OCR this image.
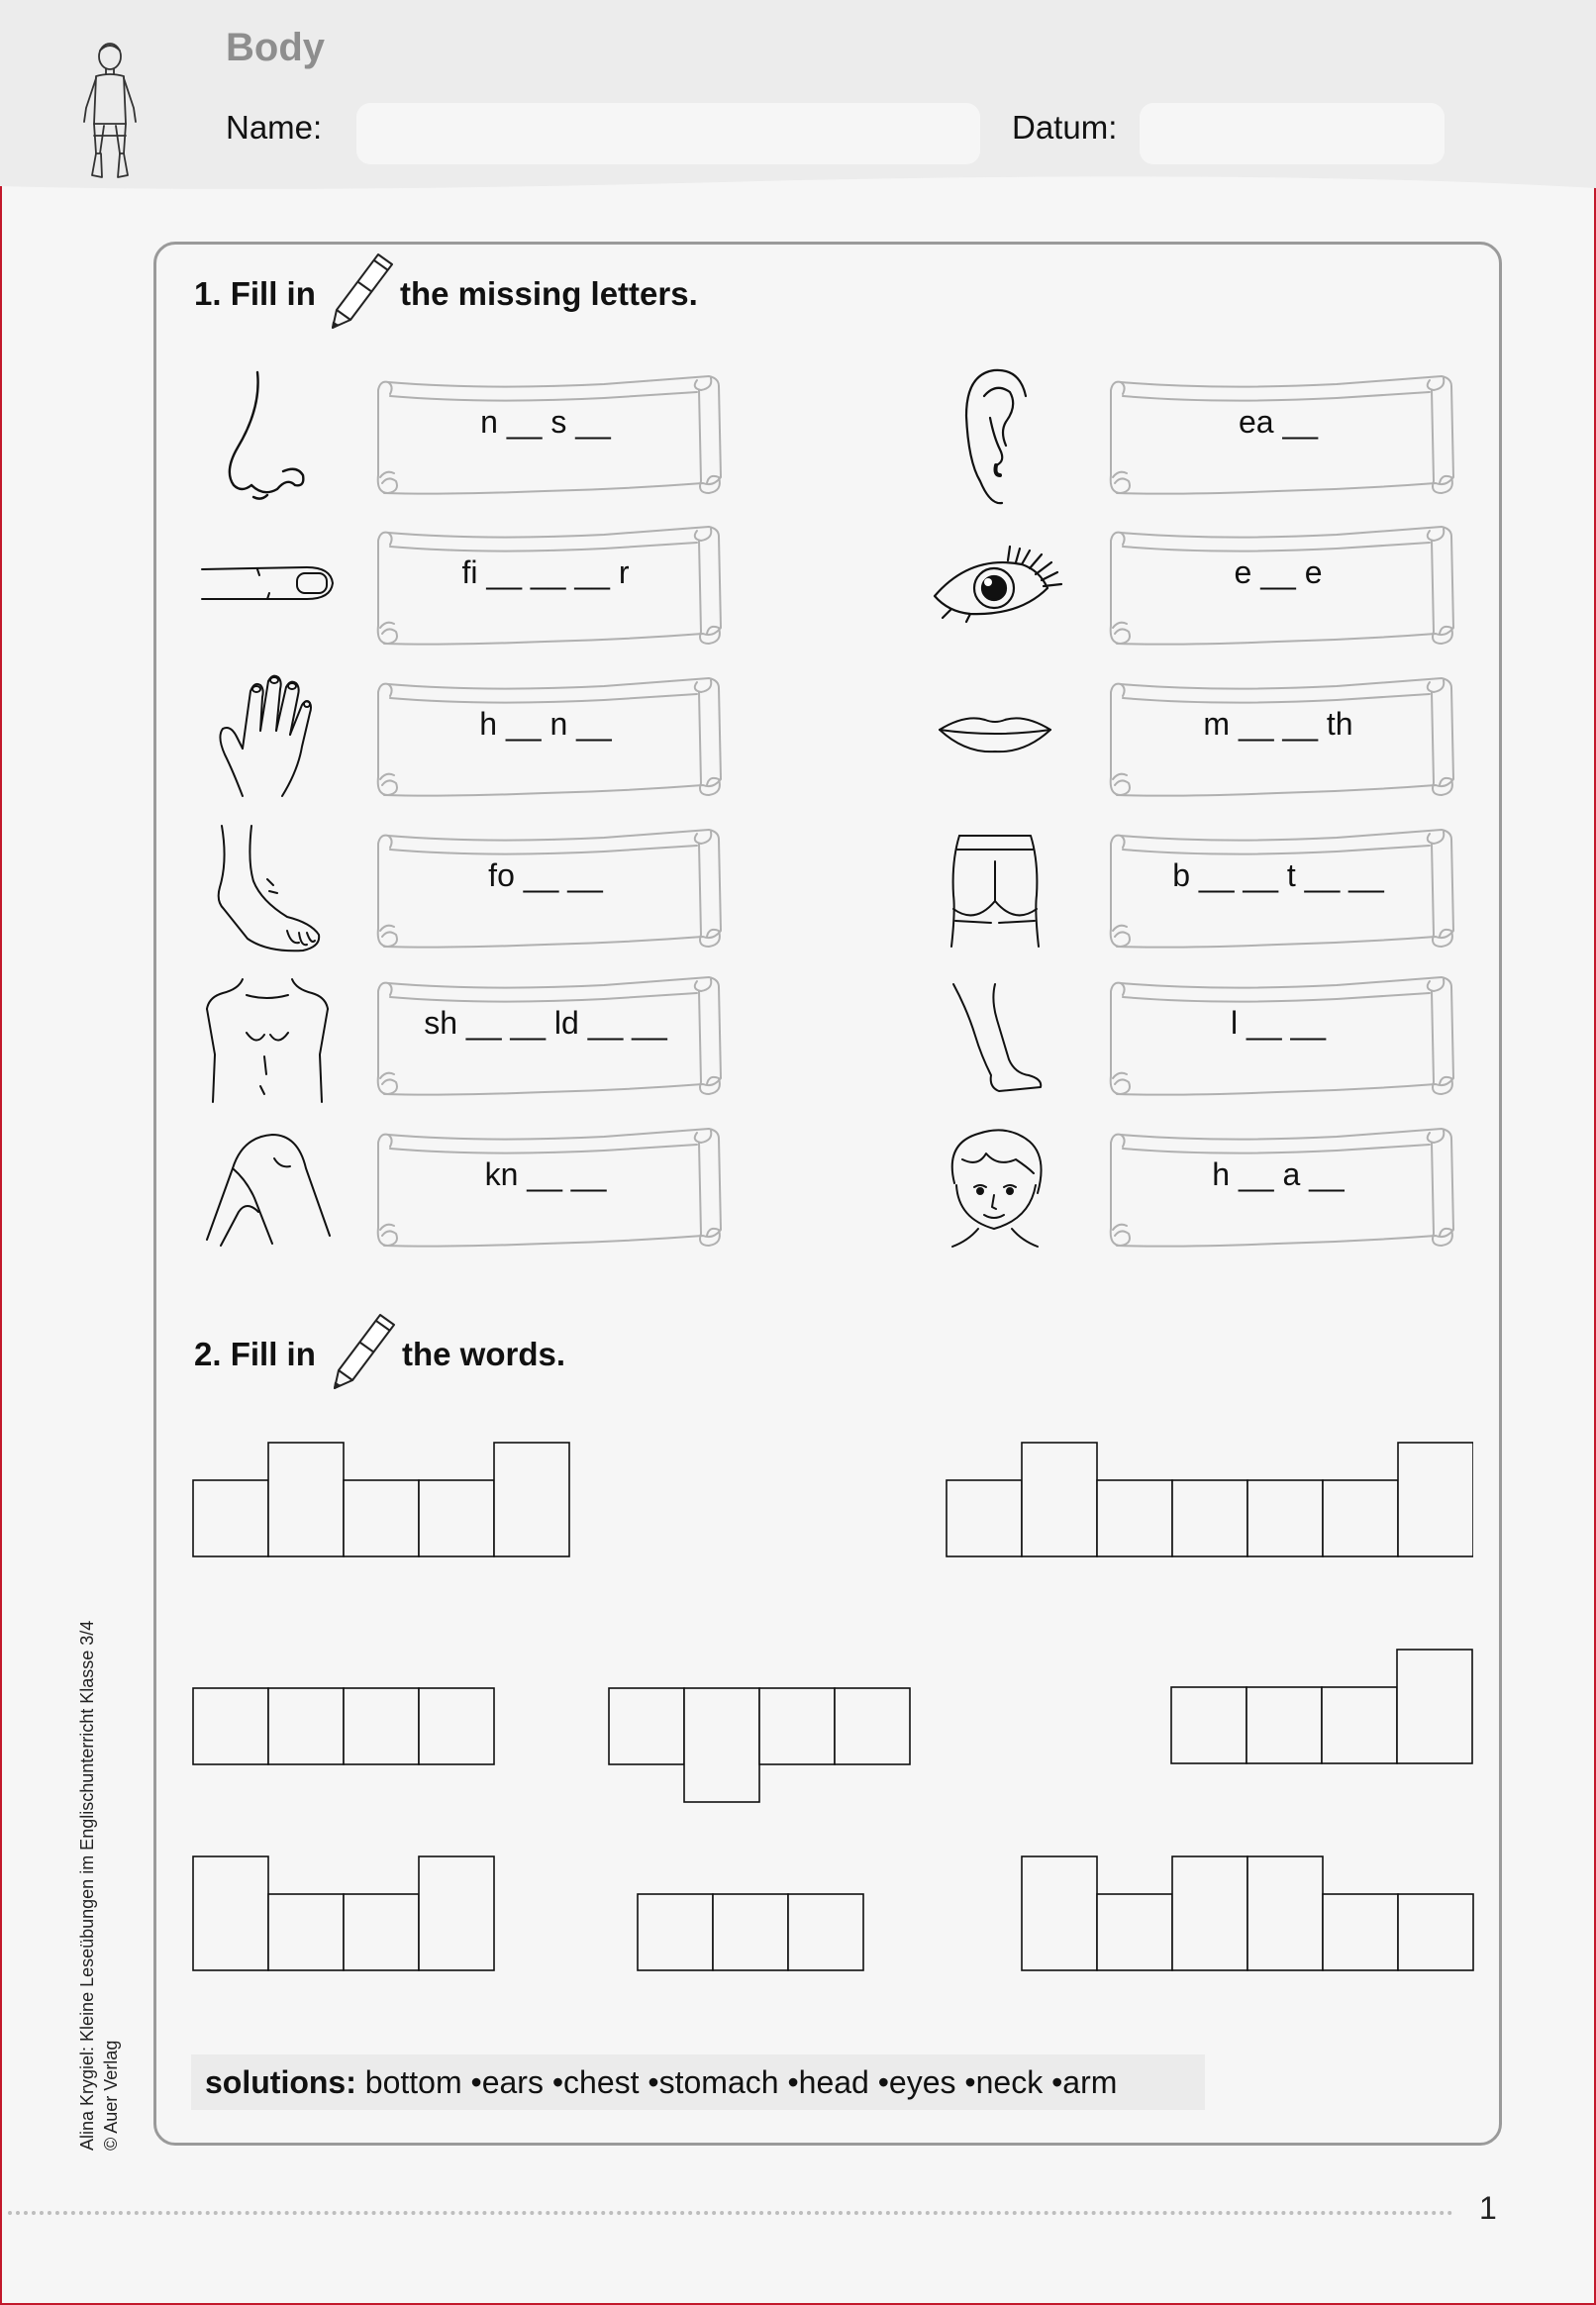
Body
Name:	Datum:
1. Fill in	the missing letters.
n __ s __
fi __ __ __ r
h __ n __
fo __ __
sh __ __ ld __ __
kn __ __
ea __
e __ e
m __ __ th
b __ __ t __ __
l __ __
h __ a __
2. Fill in	the words.
solutions: bottom •ears •chest •stomach •head •eyes •neck •arm
Alina Krygiel: Kleine Leseübungen im Englischunterricht Klasse 3/4 © Auer Verlag
1
